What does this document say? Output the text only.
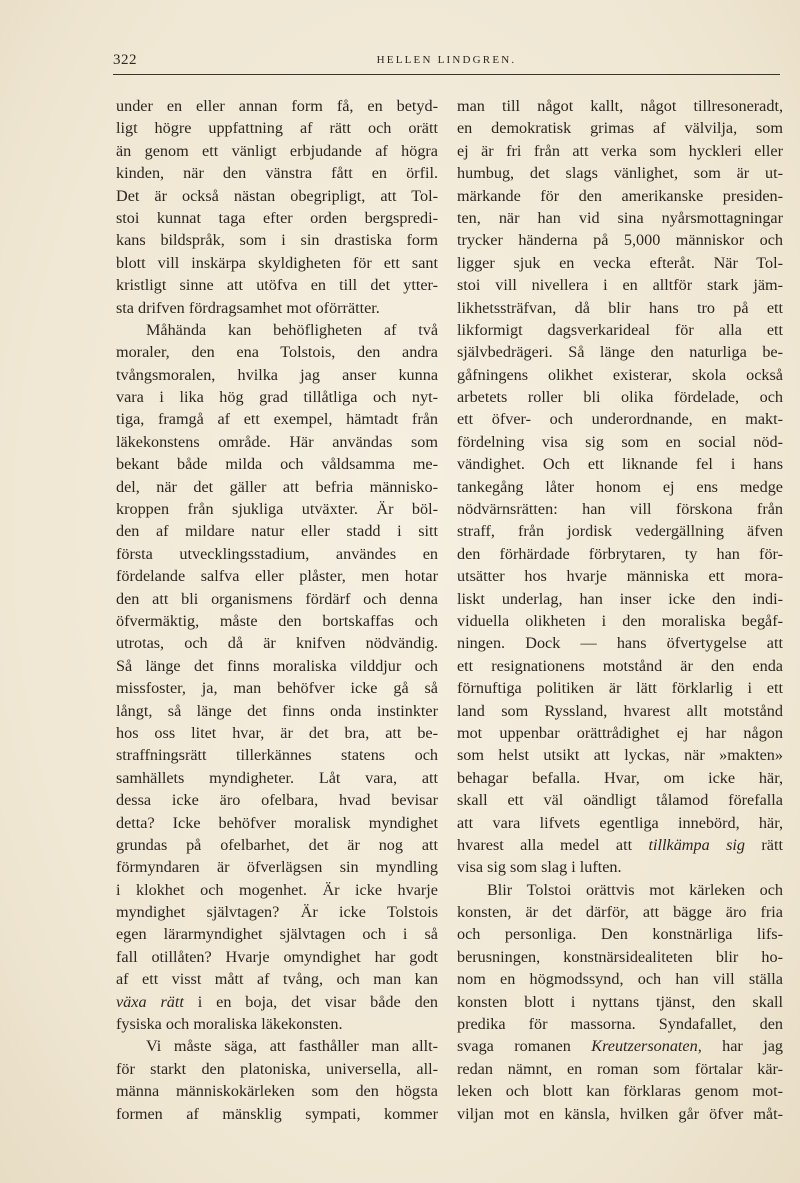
322	HELLEN LINDGREN.
under en eller annan form få, en betyd-
ligt högre uppfattning af rätt och orätt
än genom ett vänligt erbjudande af högra
kinden, när den vänstra fått en örfil.
Det är också nästan obegripligt, att Tol-
stoi kunnat taga efter orden bergspredi-
kans bildspråk, som i sin drastiska form
blott vill inskärpa skyldigheten för ett sant
kristligt sinne att utöfva en till det ytter-
sta drifven fördragsamhet mot oförrätter.
Måhända kan behöfligheten af två
moraler, den ena Tolstois, den andra
tvångsmoralen, hvilka jag anser kunna
vara i lika hög grad tillåtliga och nyt-
tiga, framgå af ett exempel, hämtadt från
läkekonstens område. Här användas som
bekant både milda och våldsamma me-
del, när det gäller att befria människo-
kroppen från sjukliga utväxter. Är böl-
den af mildare natur eller stadd i sitt
första utvecklingsstadium, användes en
fördelande salfva eller plåster, men hotar
den att bli organismens fördärf och denna
öfvermäktig, måste den bortskaffas och
utrotas, och då är knifven nödvändig.
Så länge det finns moraliska vilddjur och
missfoster, ja, man behöfver icke gå så
långt, så länge det finns onda instinkter
hos oss litet hvar, är det bra, att be-
straffningsrätt tillerkännes statens och
samhällets myndigheter. Låt vara, att
dessa icke äro ofelbara, hvad bevisar
detta? Icke behöfver moralisk myndighet
grundas på ofelbarhet, det är nog att
förmyndaren är öfverlägsen sin myndling
i klokhet och mogenhet. Är icke hvarje
myndighet självtagen? Är icke Tolstois
egen lärarmyndighet självtagen och i så
fall otillåten? Hvarje omyndighet har godt
af ett visst mått af tvång, och man kan
växa rätt i en boja, det visar både den
fysiska och moraliska läkekonsten.
Vi måste säga, att fasthåller man allt-
för starkt den platoniska, universella, all-
männa människokärleken som den högsta
formen af mänsklig sympati, kommer
man till något kallt, något tillresoneradt,
en demokratisk grimas af välvilja, som
ej är fri från att verka som hyckleri eller
humbug, det slags vänlighet, som är ut-
märkande för den amerikanske presiden-
ten, när han vid sina nyårsmottagningar
trycker händerna på 5,000 människor och
ligger sjuk en vecka efteråt. När Tol-
stoi vill nivellera i en alltför stark jäm-
likhetssträfvan, då blir hans tro på ett
likformigt dagsverkarideal för alla ett
självbedrägeri. Så länge den naturliga be-
gåfningens olikhet existerar, skola också
arbetets roller bli olika fördelade, och
ett öfver- och underordnande, en makt-
fördelning visa sig som en social nöd-
vändighet. Och ett liknande fel i hans
tankegång låter honom ej ens medge
nödvärnsrätten: han vill förskona från
straff, från jordisk vedergällning äfven
den förhärdade förbrytaren, ty han för-
utsätter hos hvarje människa ett mora-
liskt underlag, han inser icke den indi-
viduella olikheten i den moraliska begåf-
ningen. Dock — hans öfvertygelse att
ett resignationens motstånd är den enda
förnuftiga politiken är lätt förklarlig i ett
land som Ryssland, hvarest allt motstånd
mot uppenbar orättrådighet ej har någon
som helst utsikt att lyckas, när »makten»
behagar befalla. Hvar, om icke här,
skall ett väl oändligt tålamod förefalla
att vara lifvets egentliga innebörd, här,
hvarest alla medel att tillkämpa sig rätt
visa sig som slag i luften.
Blir Tolstoi orättvis mot kärleken och
konsten, är det därför, att bägge äro fria
och personliga. Den konstnärliga lifs-
berusningen, konstnärsidealiteten blir ho-
nom en högmodssynd, och han vill ställa
konsten blott i nyttans tjänst, den skall
predika för massorna. Syndafallet, den
svaga romanen Kreutzersonaten, har jag
redan nämnt, en roman som förtalar kär-
leken och blott kan förklaras genom mot-
viljan mot en känsla, hvilken går öfver måt-
